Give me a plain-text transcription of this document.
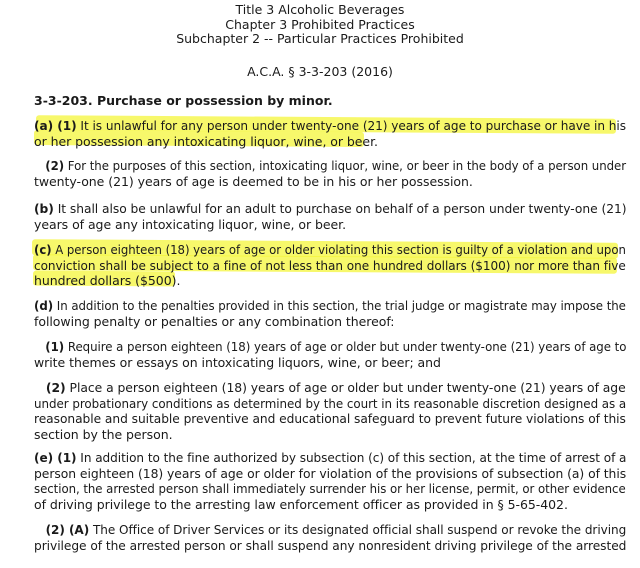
Title 3 Alcoholic Beverages
Chapter 3 Prohibited Practices
Subchapter 2 -- Particular Practices Prohibited
A.C.A. § 3-3-203 (2016)
3-3-203. Purchase or possession by minor.
(a) (1) It is unlawful for any person under twenty-one (21) years of age to purchase or have in his
or her possession any intoxicating liquor, wine, or beer.
(2) For the purposes of this section, intoxicating liquor, wine, or beer in the body of a person under
twenty-one (21) years of age is deemed to be in his or her possession.
(b) It shall also be unlawful for an adult to purchase on behalf of a person under twenty-one (21)
years of age any intoxicating liquor, wine, or beer.
(c) A person eighteen (18) years of age or older violating this section is guilty of a violation and upon
conviction shall be subject to a fine of not less than one hundred dollars ($100) nor more than five
hundred dollars ($500).
(d) In addition to the penalties provided in this section, the trial judge or magistrate may impose the
following penalty or penalties or any combination thereof:
(1) Require a person eighteen (18) years of age or older but under twenty-one (21) years of age to
write themes or essays on intoxicating liquors, wine, or beer; and
(2) Place a person eighteen (18) years of age or older but under twenty-one (21) years of age
under probationary conditions as determined by the court in its reasonable discretion designed as a
reasonable and suitable preventive and educational safeguard to prevent future violations of this
section by the person.
(e) (1) In addition to the fine authorized by subsection (c) of this section, at the time of arrest of a
person eighteen (18) years of age or older for violation of the provisions of subsection (a) of this
section, the arrested person shall immediately surrender his or her license, permit, or other evidence
of driving privilege to the arresting law enforcement officer as provided in § 5-65-402.
(2) (A) The Office of Driver Services or its designated official shall suspend or revoke the driving
privilege of the arrested person or shall suspend any nonresident driving privilege of the arrested
